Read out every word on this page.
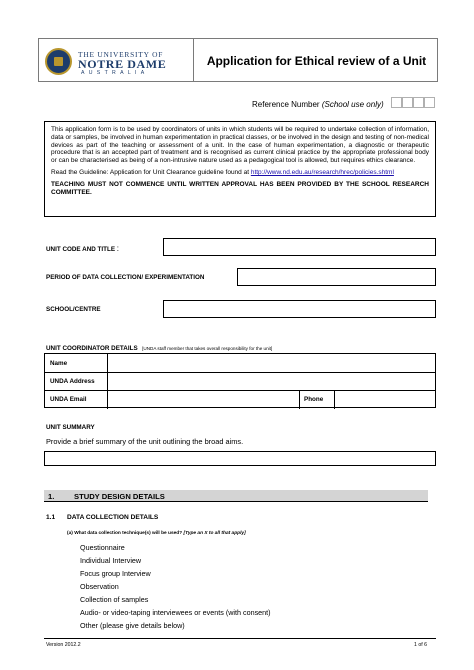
THE UNIVERSITY OF
NOTRE DAME
AUSTRALIA
Application for Ethical review of a Unit
Reference Number (School use only)

This application form is to be used by coordinators of units in which students will be required to undertake collection of information, data or samples, be involved in human experimentation in practical classes, or be involved in the design and testing of non-medical devices as part of the teaching or assessment of a unit. In the case of human experimentation, a diagnostic or therapeutic procedure that is an accepted part of treatment and is recognised as current clinical practice by the appropriate professional body or can be characterised as being of a non-intrusive nature used as a pedagogical tool is allowed, but requires ethics clearance.

Read the Guideline: Application for Unit Clearance guideline found at http://www.nd.edu.au/research/hrec/policies.shtml

TEACHING MUST NOT COMMENCE UNTIL WRITTEN APPROVAL HAS BEEN PROVIDED BY THE SCHOOL RESEARCH COMMITTEE.

UNIT CODE AND TITLE :
PERIOD OF DATA COLLECTION/ EXPERIMENTATION
SCHOOL/CENTRE
UNIT COORDINATOR DETAILS [UNDA staff member that takes overall responsibility for the unit]
Name
UNDA Address
UNDA Email	Phone
UNIT SUMMARY
Provide a brief summary of the unit outlining the broad aims.
1.	STUDY DESIGN DETAILS
1.1 DATA COLLECTION DETAILS
(a) What data collection technique(s) will be used? [Type an X to all that apply]
Questionnaire
Individual Interview
Focus group Interview
Observation
Collection of samples
Audio- or video-taping interviewees or events (with consent)
Other (please give details below)
Version 2012.2	1 of 6
